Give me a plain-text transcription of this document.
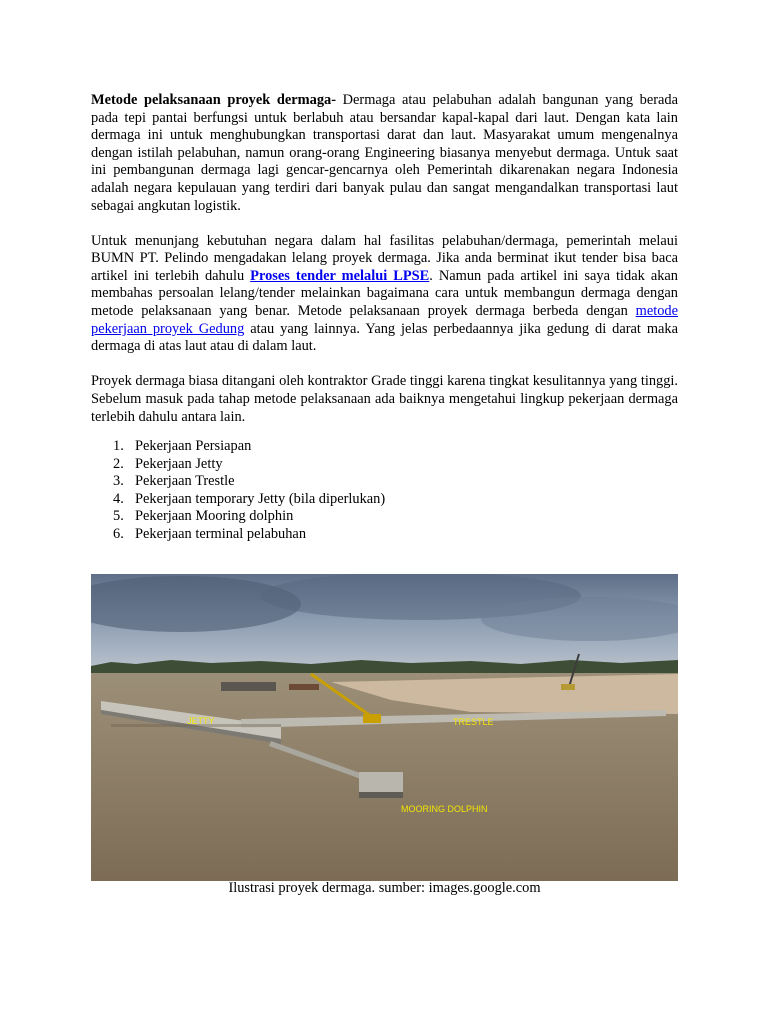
Metode pelaksanaan proyek dermaga- Dermaga atau pelabuhan adalah bangunan yang berada pada tepi pantai berfungsi untuk berlabuh atau bersandar kapal-kapal dari laut. Dengan kata lain dermaga ini untuk menghubungkan transportasi darat dan laut. Masyarakat umum mengenalnya dengan istilah pelabuhan, namun orang-orang Engineering biasanya menyebut dermaga. Untuk saat ini pembangunan dermaga lagi gencar-gencarnya oleh Pemerintah dikarenakan negara Indonesia adalah negara kepulauan yang terdiri dari banyak pulau dan sangat mengandalkan transportasi laut sebagai angkutan logistik.

Untuk menunjang kebutuhan negara dalam hal fasilitas pelabuhan/dermaga, pemerintah melaui BUMN PT. Pelindo mengadakan lelang proyek dermaga. Jika anda berminat ikut tender bisa baca artikel ini terlebih dahulu Proses tender melalui LPSE. Namun pada artikel ini saya tidak akan membahas persoalan lelang/tender melainkan bagaimana cara untuk membangun dermaga dengan metode pelaksanaan yang benar. Metode pelaksanaan proyek dermaga berbeda dengan metode pekerjaan proyek Gedung atau yang lainnya. Yang jelas perbedaannya jika gedung di darat maka dermaga di atas laut atau di dalam laut.

Proyek dermaga biasa ditangani oleh kontraktor Grade tinggi karena tingkat kesulitannya yang tinggi. Sebelum masuk pada tahap metode pelaksanaan ada baiknya mengetahui lingkup pekerjaan dermaga terlebih dahulu antara lain.

1. Pekerjaan Persiapan
2. Pekerjaan Jetty
3. Pekerjaan Trestle
4. Pekerjaan temporary Jetty (bila diperlukan)
5. Pekerjaan Mooring dolphin
6. Pekerjaan terminal pelabuhan
JETTY	TRESTLE
MOORING DOLPHIN
Ilustrasi proyek dermaga. sumber: images.google.com
